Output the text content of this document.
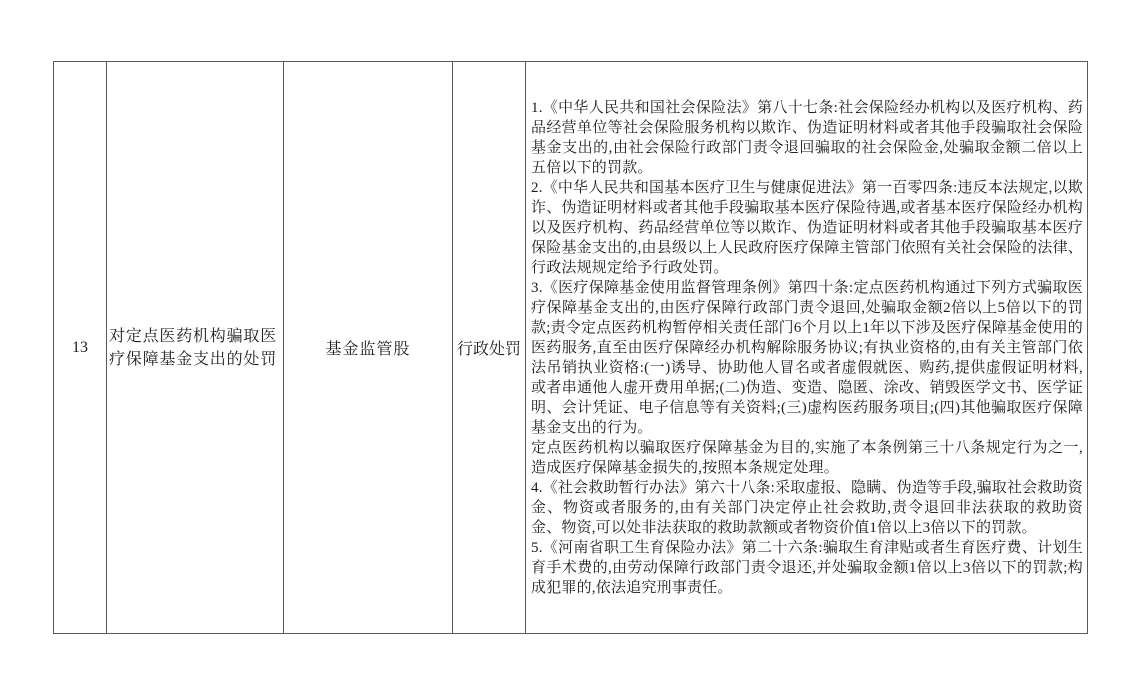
13	对定点医药机构骗取医疗保障基金支出的处罚	基金监管股	行政处罚	

1.《中华人民共和国社会保险法》第八十七条:社会保险经办机构以及医疗机构、药品经营单位等社会保险服务机构以欺诈、伪造证明材料或者其他手段骗取社会保险基金支出的,由社会保险行政部门责令退回骗取的社会保险金,处骗取金额二倍以上五倍以下的罚款。

2.《中华人民共和国基本医疗卫生与健康促进法》第一百零四条:违反本法规定,以欺诈、伪造证明材料或者其他手段骗取基本医疗保险待遇,或者基本医疗保险经办机构以及医疗机构、药品经营单位等以欺诈、伪造证明材料或者其他手段骗取基本医疗保险基金支出的,由县级以上人民政府医疗保障主管部门依照有关社会保险的法律、行政法规规定给予行政处罚。

3.《医疗保障基金使用监督管理条例》第四十条:定点医药机构通过下列方式骗取医疗保障基金支出的,由医疗保障行政部门责令退回,处骗取金额2倍以上5倍以下的罚款;责令定点医药机构暂停相关责任部门6个月以上1年以下涉及医疗保障基金使用的医药服务,直至由医疗保障经办机构解除服务协议;有执业资格的,由有关主管部门依法吊销执业资格:(一)诱导、协助他人冒名或者虚假就医、购药,提供虚假证明材料,或者串通他人虚开费用单据;(二)伪造、变造、隐匿、涂改、销毁医学文书、医学证明、会计凭证、电子信息等有关资料;(三)虚构医药服务项目;(四)其他骗取医疗保障基金支出的行为。

定点医药机构以骗取医疗保障基金为目的,实施了本条例第三十八条规定行为之一,造成医疗保障基金损失的,按照本条规定处理。

4.《社会救助暂行办法》第六十八条:采取虚报、隐瞒、伪造等手段,骗取社会救助资金、物资或者服务的,由有关部门决定停止社会救助,责令退回非法获取的救助资金、物资,可以处非法获取的救助款额或者物资价值1倍以上3倍以下的罚款。

5.《河南省职工生育保险办法》第二十六条:骗取生育津贴或者生育医疗费、计划生育手术费的,由劳动保障行政部门责令退还,并处骗取金额1倍以上3倍以下的罚款;构成犯罪的,依法追究刑事责任。
